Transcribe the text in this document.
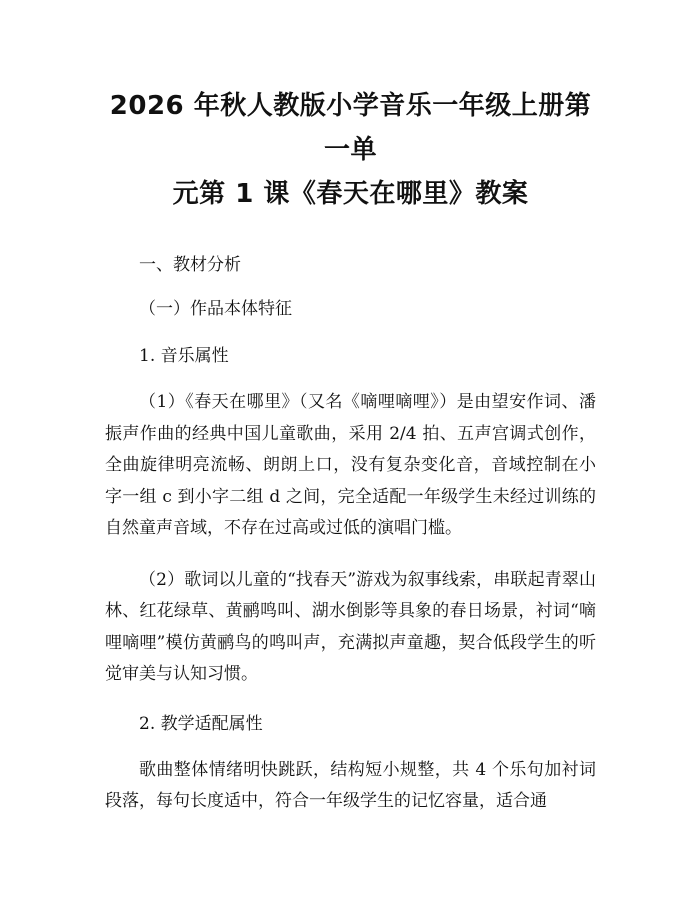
2026 年秋人教版小学音乐一年级上册第一单
元第 1 课《春天在哪里》教案

一、教材分析

（一）作品本体特征

1. 音乐属性

（1）《春天在哪里》（又名《嘀哩嘀哩》）是由望安作词、潘振声作曲的经典中国儿童歌曲，采用 2/4 拍、五声宫调式创作，全曲旋律明亮流畅、朗朗上口，没有复杂变化音，音域控制在小字一组 c 到小字二组 d 之间，完全适配一年级学生未经过训练的自然童声音域，不存在过高或过低的演唱门槛。

（2）歌词以儿童的“找春天”游戏为叙事线索，串联起青翠山林、红花绿草、黄鹂鸣叫、湖水倒影等具象的春日场景，衬词“嘀哩嘀哩”模仿黄鹂鸟的鸣叫声，充满拟声童趣，契合低段学生的听觉审美与认知习惯。

2. 教学适配属性

歌曲整体情绪明快跳跃，结构短小规整，共 4 个乐句加衬词段落，每句长度适中，符合一年级学生的记忆容量，适合通
